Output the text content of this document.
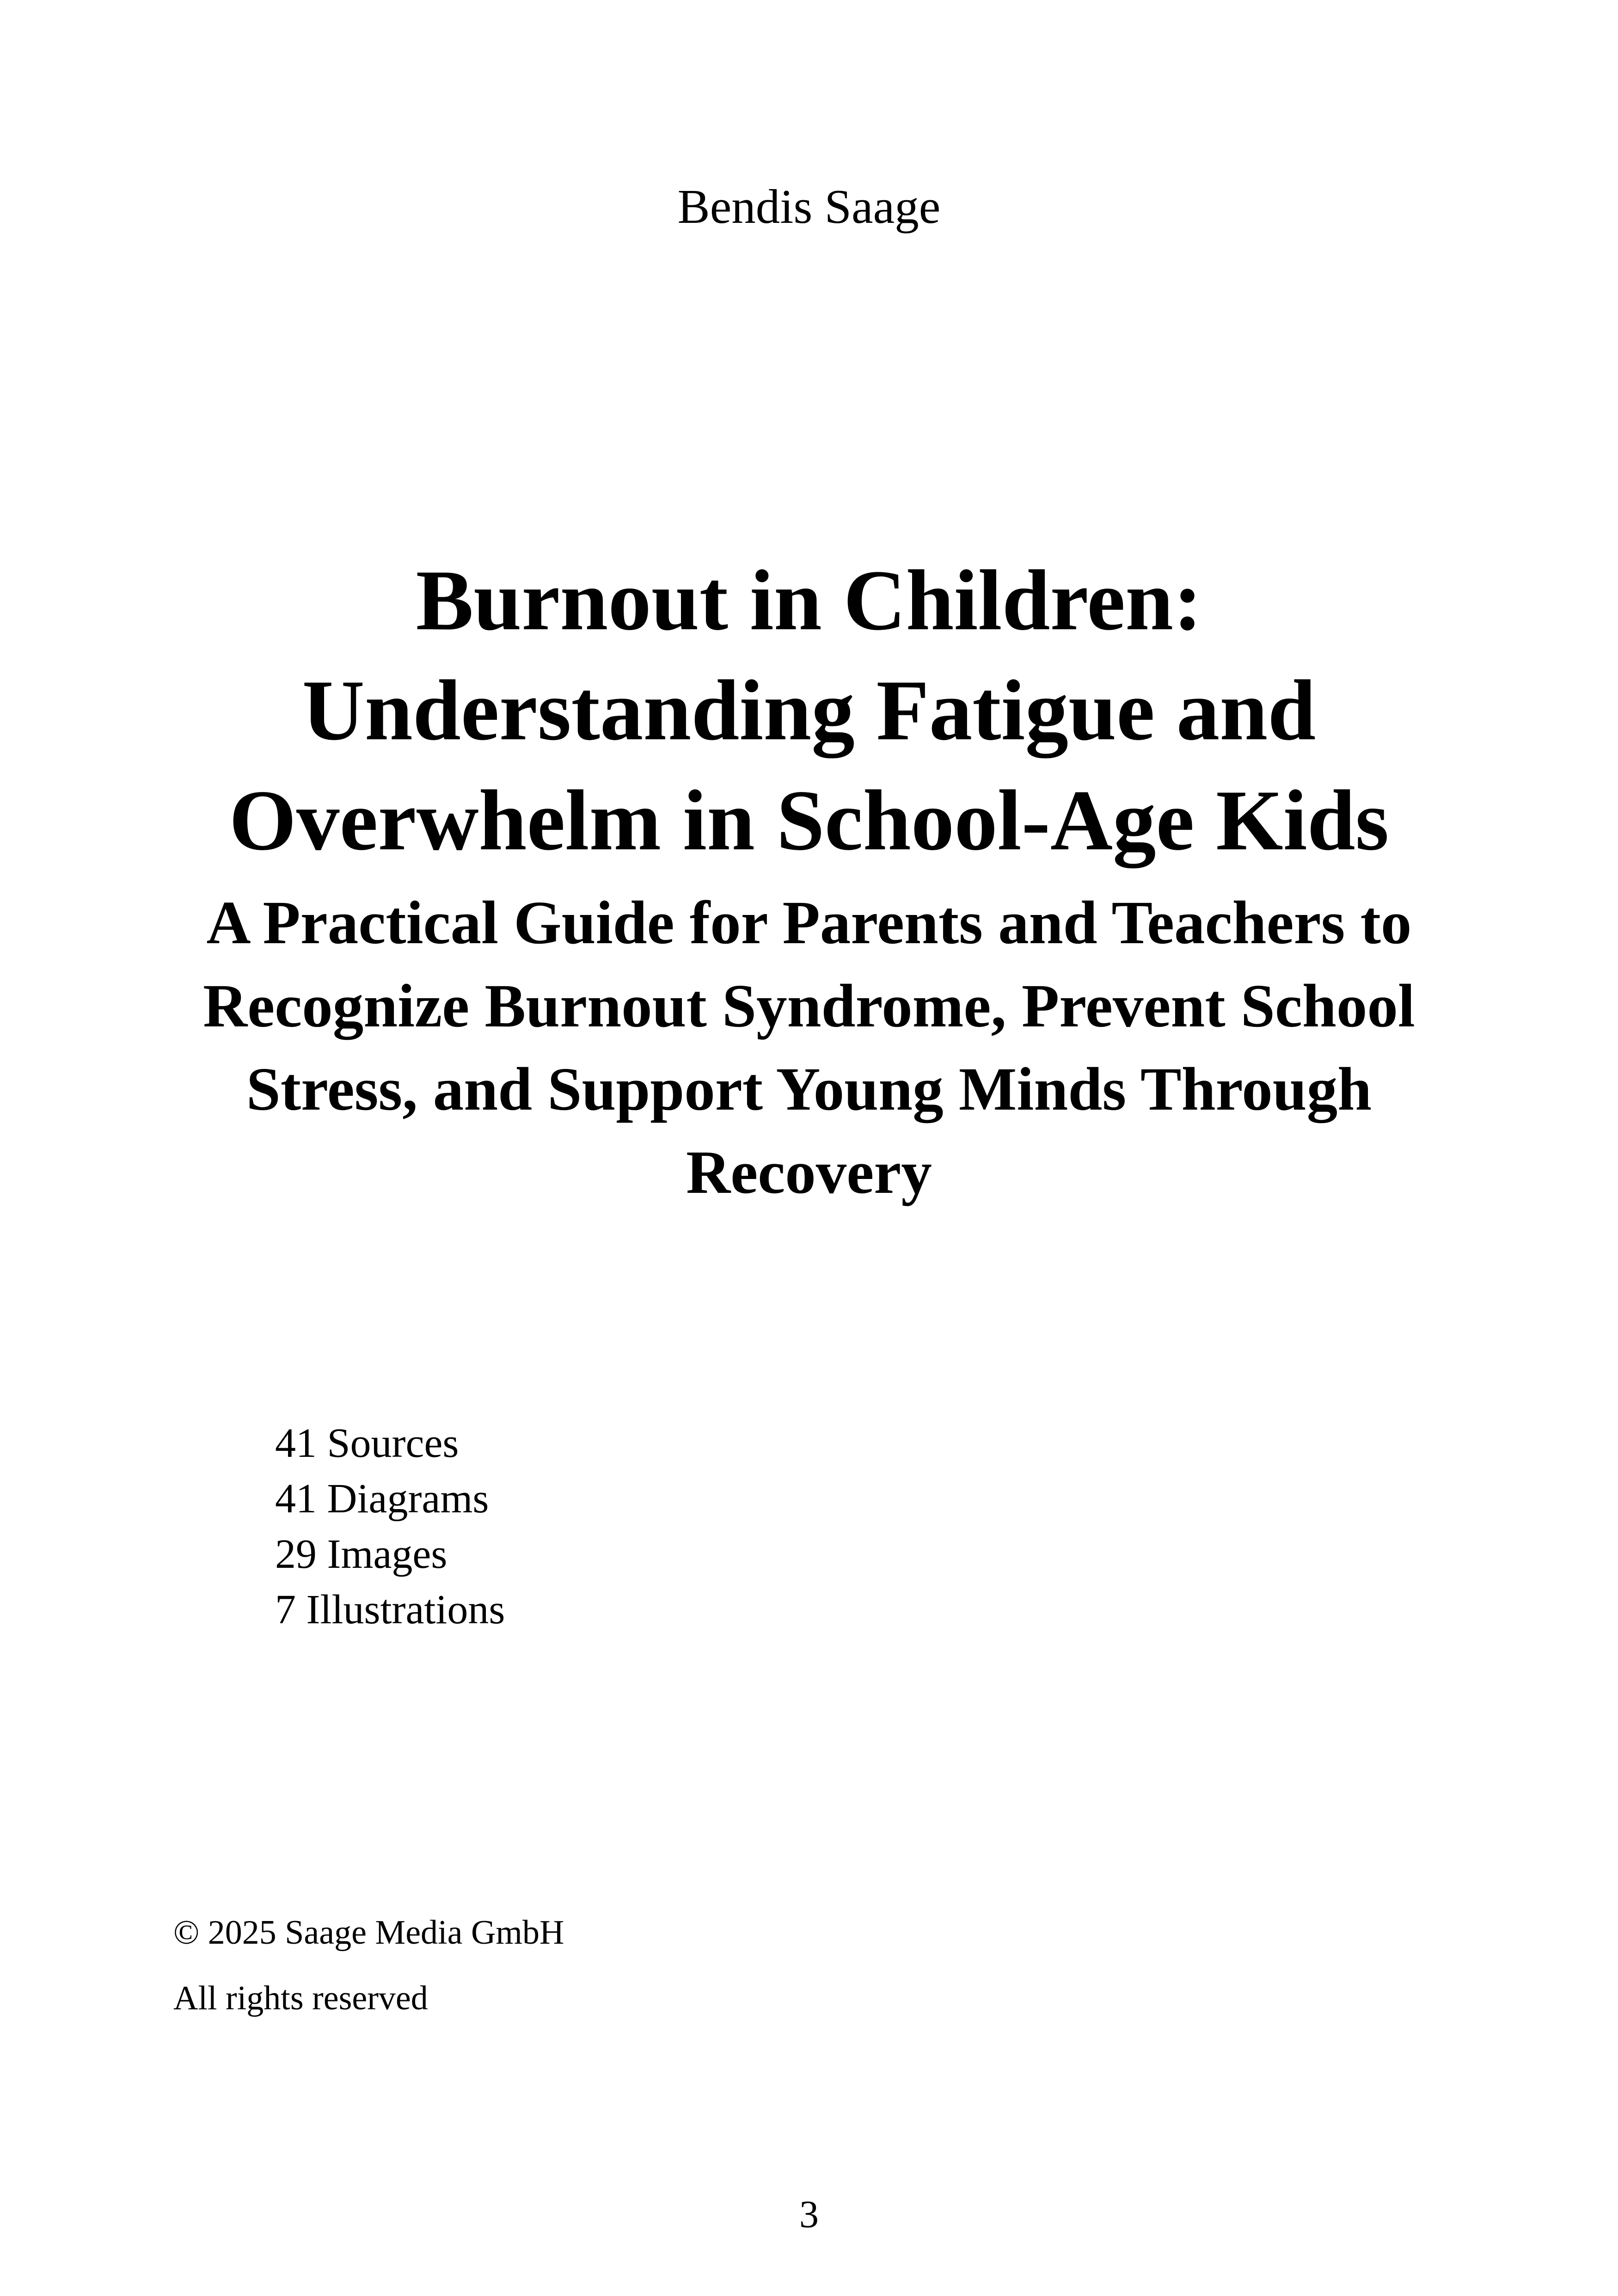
Bendis Saage
Burnout in Children:
Understanding Fatigue and
Overwhelm in School-Age Kids
A Practical Guide for Parents and Teachers to
Recognize Burnout Syndrome, Prevent School
Stress, and Support Young Minds Through
Recovery
41 Sources
41 Diagrams
29 Images
7 Illustrations
© 2025 Saage Media GmbH
All rights reserved
3
